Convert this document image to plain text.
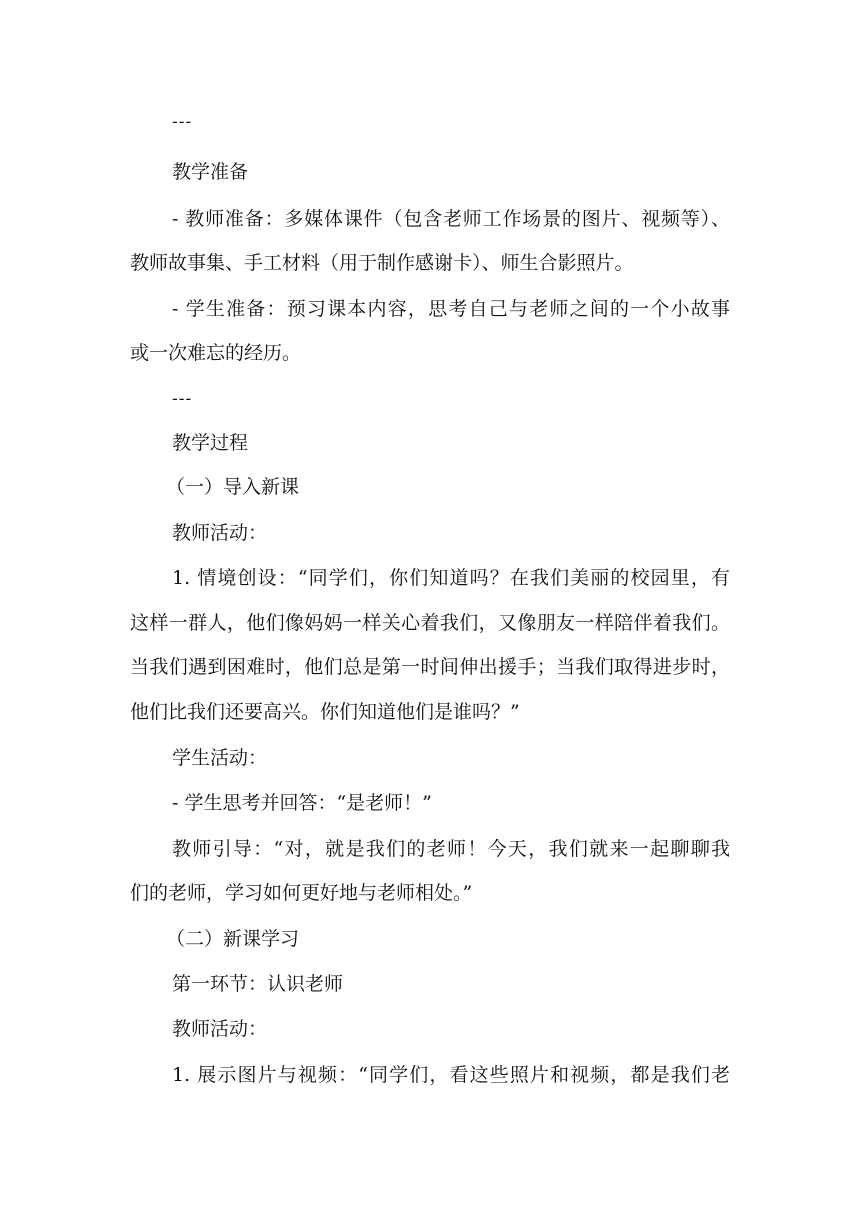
---

教学准备

- 教师准备：多媒体课件（包含老师工作场景的图片、视频等）、

教师故事集、手工材料（用于制作感谢卡）、师生合影照片。

- 学生准备：预习课本内容，思考自己与老师之间的一个小故事

或一次难忘的经历。

---

教学过程

（一）导入新课

教师活动：

1. 情境创设：“同学们，你们知道吗？在我们美丽的校园里，有

这样一群人，他们像妈妈一样关心着我们，又像朋友一样陪伴着我们。

当我们遇到困难时，他们总是第一时间伸出援手；当我们取得进步时，

他们比我们还要高兴。你们知道他们是谁吗？”

学生活动：

- 学生思考并回答：“是老师！”

教师引导：“对，就是我们的老师！今天，我们就来一起聊聊我

们的老师，学习如何更好地与老师相处。”

（二）新课学习

第一环节：认识老师

教师活动：

1. 展示图片与视频：“同学们，看这些照片和视频，都是我们老
